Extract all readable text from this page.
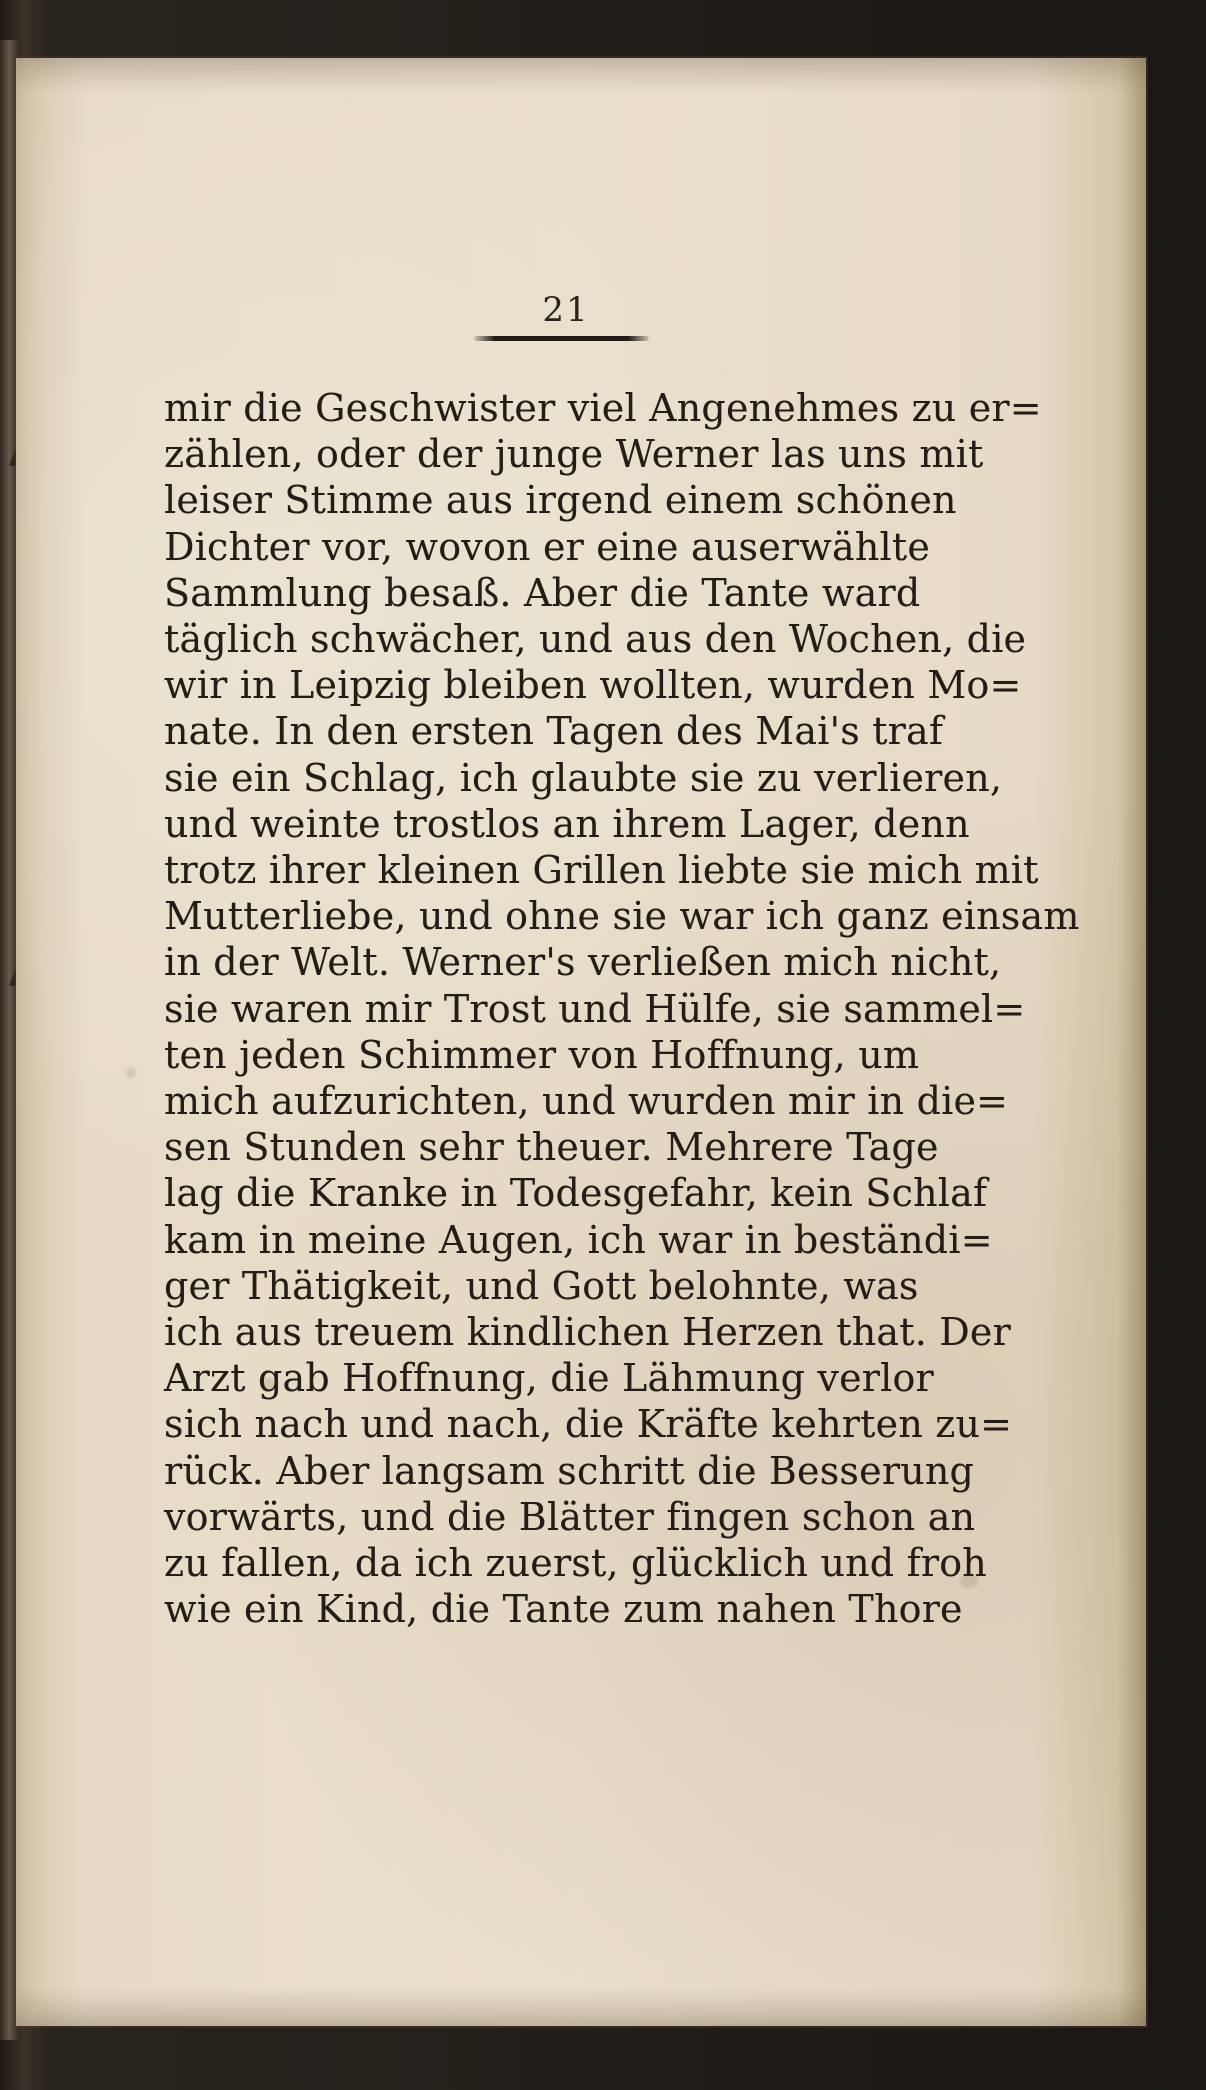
21
mir die Geschwister viel Angenehmes zu er=
zählen, oder der junge Werner las uns mit
leiser Stimme aus irgend einem schönen
Dichter vor, wovon er eine auserwählte
Sammlung besaß. Aber die Tante ward
täglich schwächer, und aus den Wochen, die
wir in Leipzig bleiben wollten, wurden Mo=
nate. In den ersten Tagen des Mai's traf
sie ein Schlag, ich glaubte sie zu verlieren,
und weinte trostlos an ihrem Lager, denn
trotz ihrer kleinen Grillen liebte sie mich mit
Mutterliebe, und ohne sie war ich ganz einsam
in der Welt. Werner's verließen mich nicht,
sie waren mir Trost und Hülfe, sie sammel=
ten jeden Schimmer von Hoffnung, um
mich aufzurichten, und wurden mir in die=
sen Stunden sehr theuer. Mehrere Tage
lag die Kranke in Todesgefahr, kein Schlaf
kam in meine Augen, ich war in beständi=
ger Thätigkeit, und Gott belohnte, was
ich aus treuem kindlichen Herzen that. Der
Arzt gab Hoffnung, die Lähmung verlor
sich nach und nach, die Kräfte kehrten zu=
rück. Aber langsam schritt die Besserung
vorwärts, und die Blätter fingen schon an
zu fallen, da ich zuerst, glücklich und froh
wie ein Kind, die Tante zum nahen Thore
